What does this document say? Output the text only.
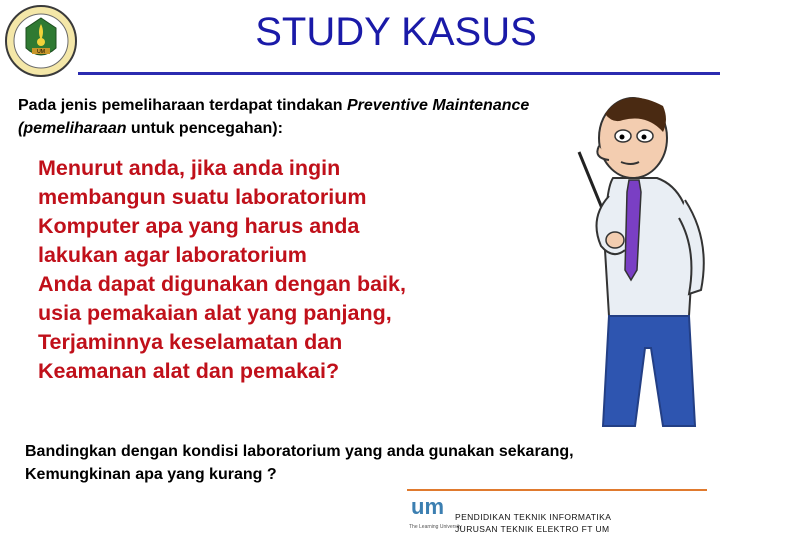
UM	STUDY KASUS
Pada jenis pemeliharaan terdapat tindakan Preventive Maintenance
(pemeliharaan untuk pencegahan):
Menurut anda, jika anda ingin
membangun suatu laboratorium
Komputer apa yang harus anda
lakukan agar laboratorium
Anda dapat digunakan dengan baik,
usia pemakaian alat yang panjang,
Terjaminnya keselamatan dan
Keamanan alat dan pemakai?
Bandingkan dengan kondisi laboratorium yang anda gunakan sekarang,
Kemungkinan apa yang kurang ?
um
The Learning University
PENDIDIKAN TEKNIK INFORMATIKA
JURUSAN TEKNIK ELEKTRO FT UM
